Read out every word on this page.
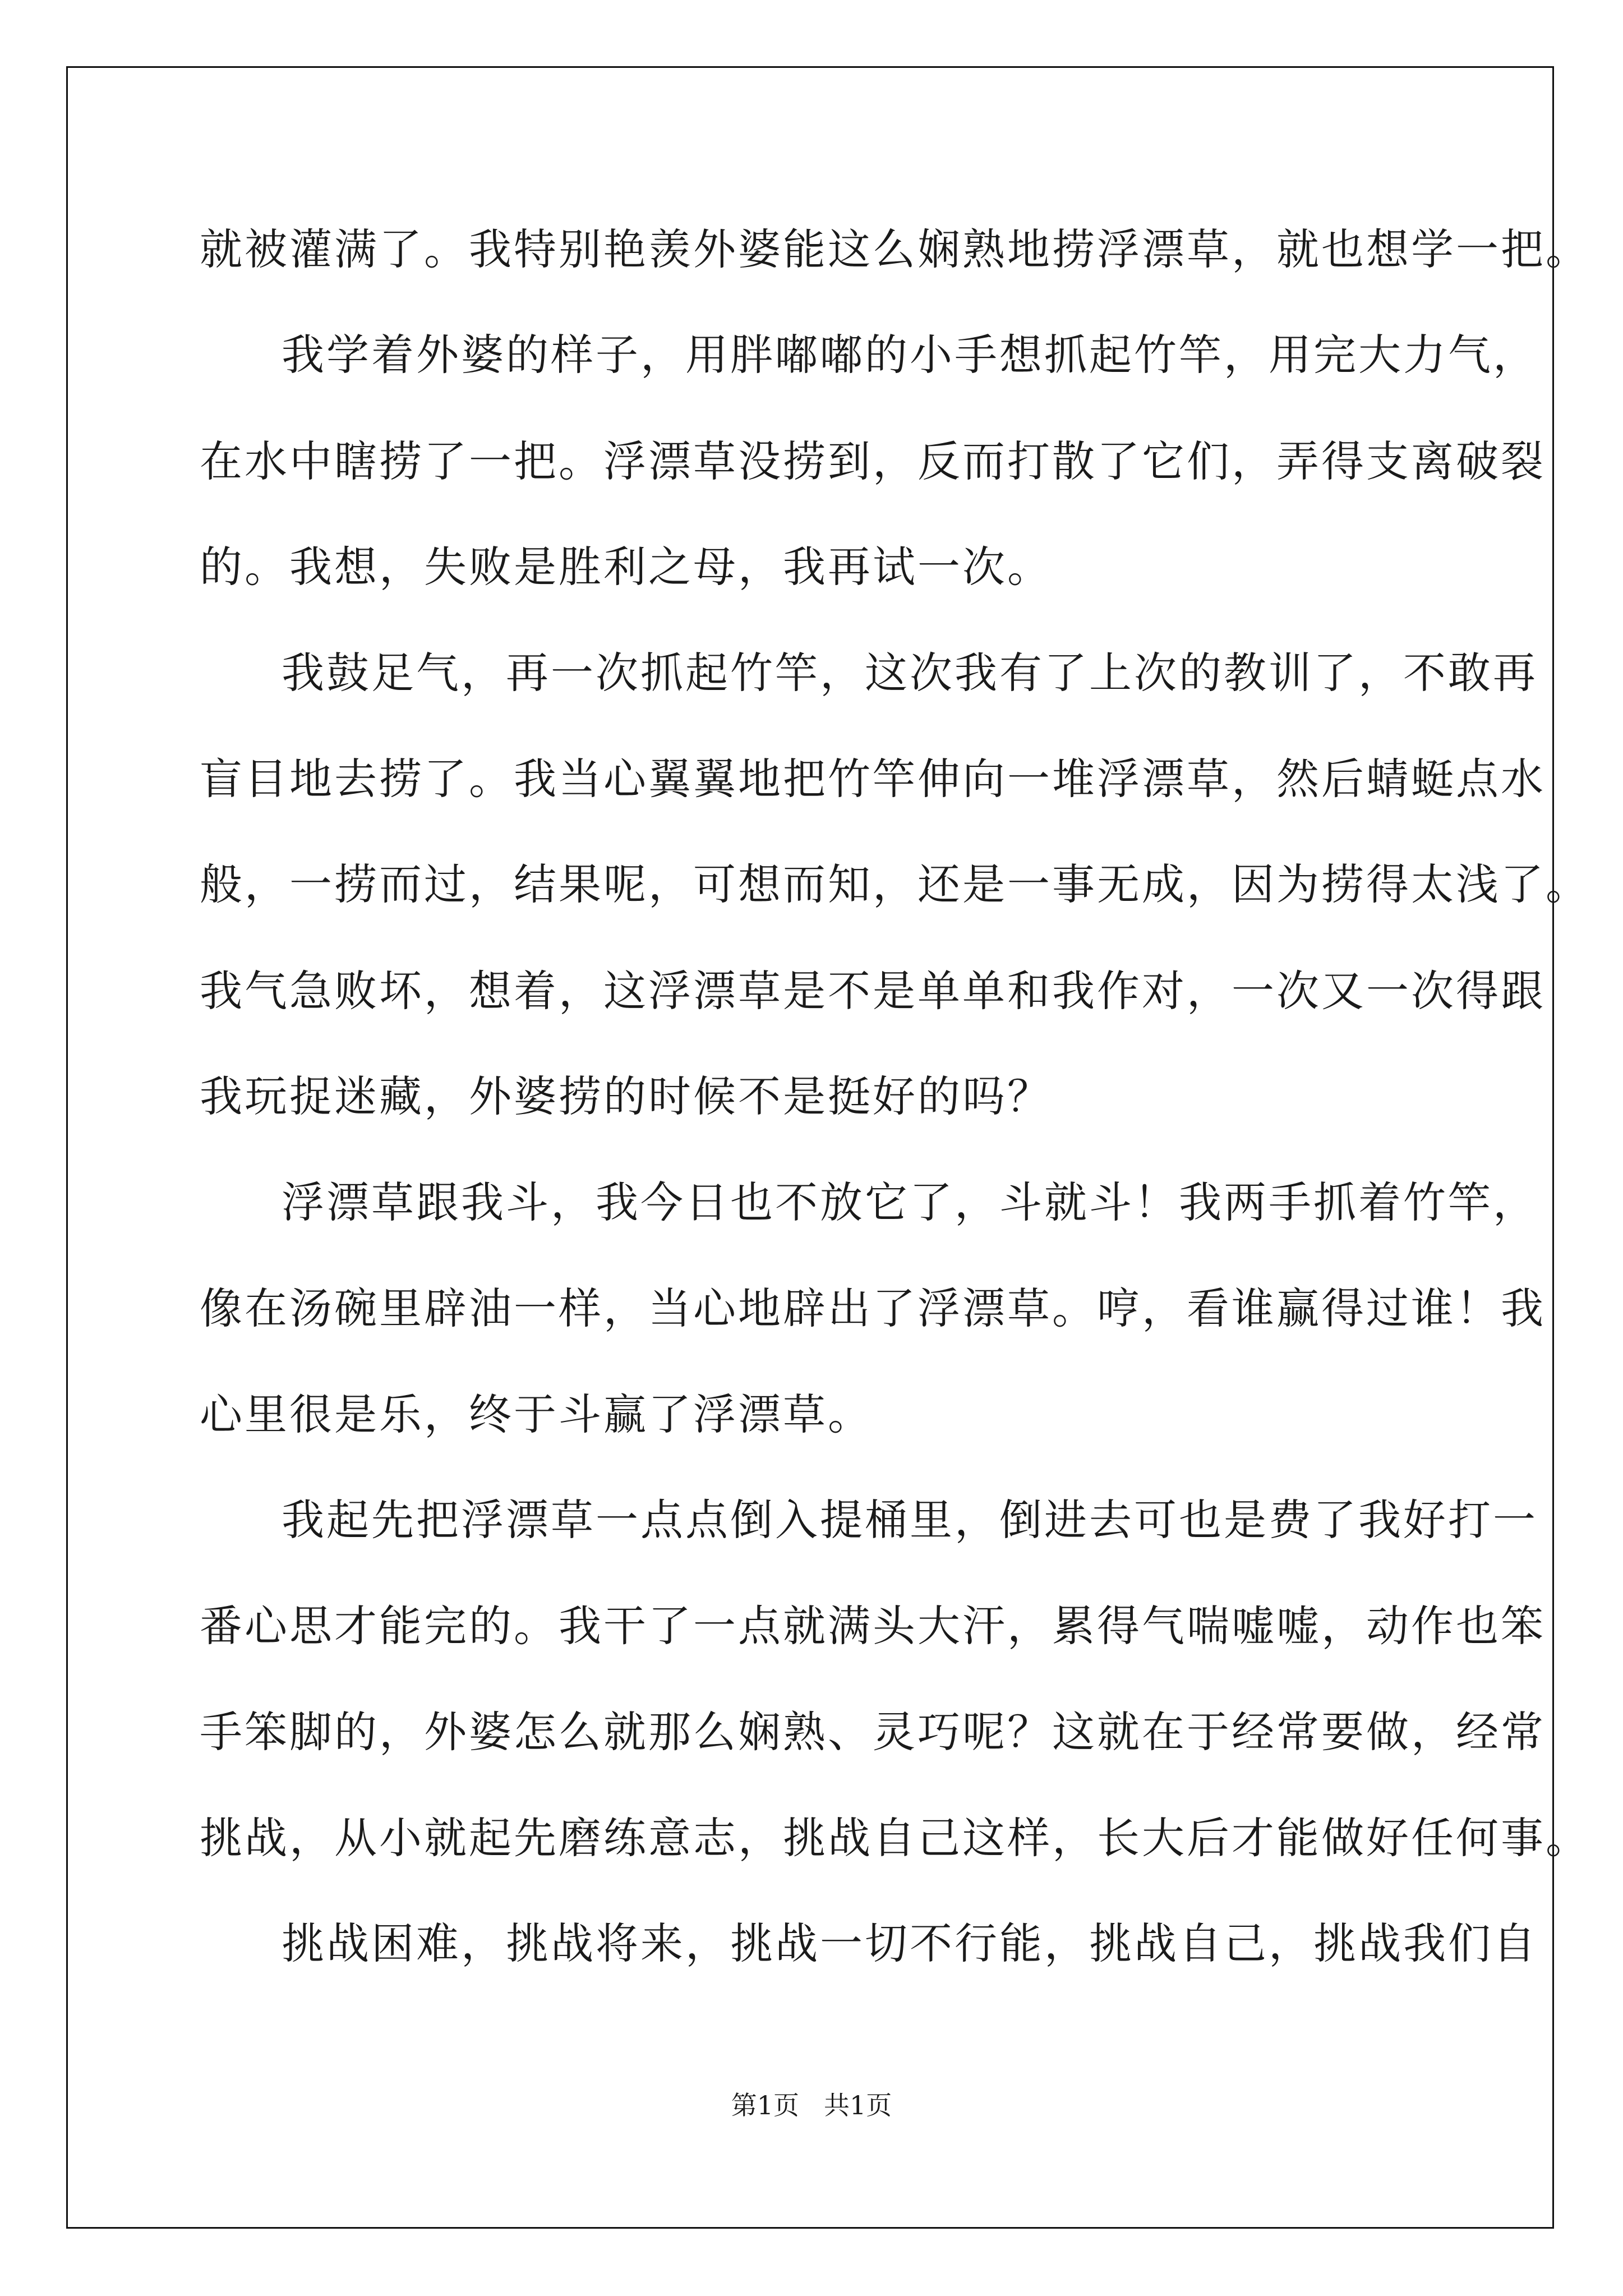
就被灌满了。我特别艳羡外婆能这么娴熟地捞浮漂草，就也想学一把。
我学着外婆的样子，用胖嘟嘟的小手想抓起竹竿，用完大力气，
在水中瞎捞了一把。浮漂草没捞到，反而打散了它们，弄得支离破裂
的。我想，失败是胜利之母，我再试一次。
我鼓足气，再一次抓起竹竿，这次我有了上次的教训了，不敢再
盲目地去捞了。我当心翼翼地把竹竿伸向一堆浮漂草，然后蜻蜓点水
般，一捞而过，结果呢，可想而知，还是一事无成，因为捞得太浅了。
我气急败坏，想着，这浮漂草是不是单单和我作对，一次又一次得跟
我玩捉迷藏，外婆捞的时候不是挺好的吗？
浮漂草跟我斗，我今日也不放它了，斗就斗！我两手抓着竹竿，
像在汤碗里辟油一样，当心地辟出了浮漂草。哼，看谁赢得过谁！我
心里很是乐，终于斗赢了浮漂草。
我起先把浮漂草一点点倒入提桶里，倒进去可也是费了我好打一
番心思才能完的。我干了一点就满头大汗，累得气喘嘘嘘，动作也笨
手笨脚的，外婆怎么就那么娴熟、灵巧呢？这就在于经常要做，经常
挑战，从小就起先磨练意志，挑战自己这样，长大后才能做好任何事。
挑战困难，挑战将来，挑战一切不行能，挑战自己，挑战我们自
第1页 共1页
